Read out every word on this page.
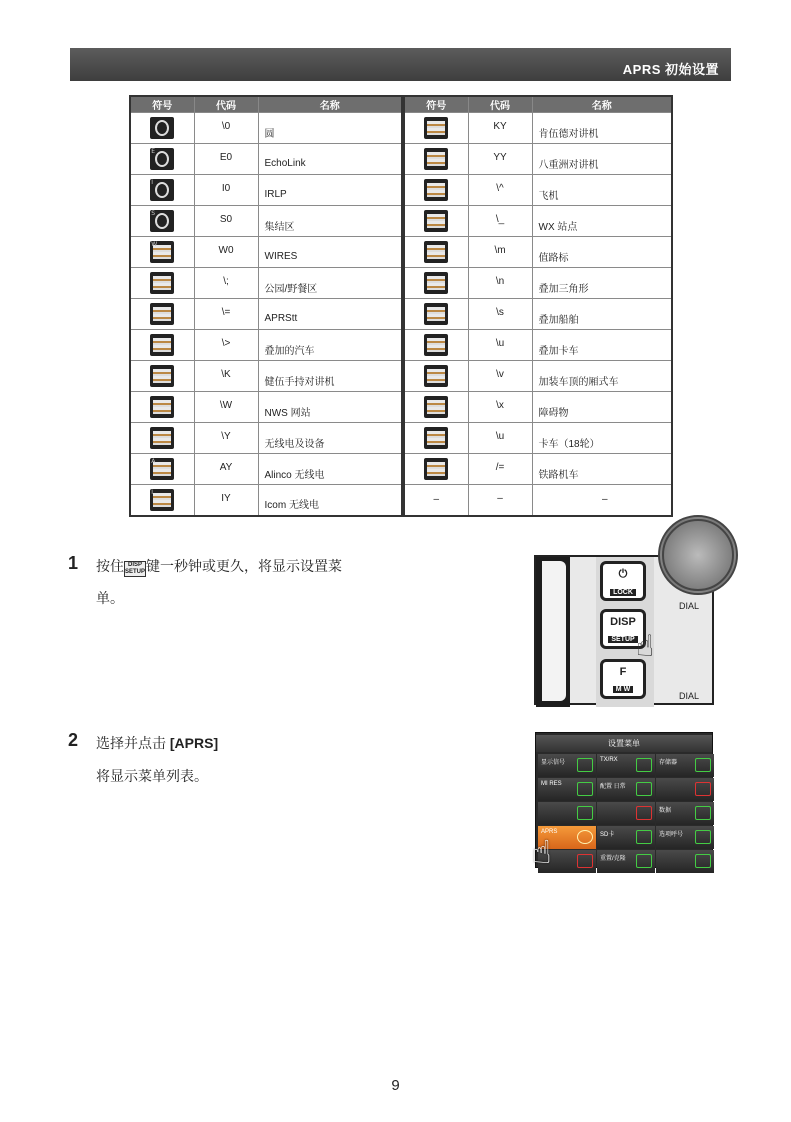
APRS 初始设置
符号	代码	名称

	\0	圆

E	E0	EchoLink

I	I0	IRLP

S	S0	集结区

W	W0	WIRES

	\;	公园/野餐区

	\=	APRStt

	\>	叠加的汽车

	\K	健伍手持对讲机

	\W	NWS 网站

	\Y	无线电及设备

A	AY	Alinco 无线电

I	IY	Icom 无线电
符号	代码	名称

	KY	肯伍德对讲机

	YY	八重洲对讲机

	\^	飞机

	\_	WX 站点

	\m	值路标

	\n	叠加三角形

	\s	叠加船舶

	\u	叠加卡车

	\v	加装车顶的厢式车

	\x	障碍物

	\u	卡车（18轮）

	/=	铁路机车
–	–	–
1 按住 DISP
SETUP键一秒钟或更久，将显示设置菜
单。	DIAL
DIAL
⏻
LOCK
DISP
SETUP
F
M W
☝
2 选择并点击 [APRS]
将显示菜单列表。
设置菜单
显示信号	TX/RX	存储器
MI RES	配置 日常
数据
APRS	SD卡	选项呼号
重置/克隆
☝
9
